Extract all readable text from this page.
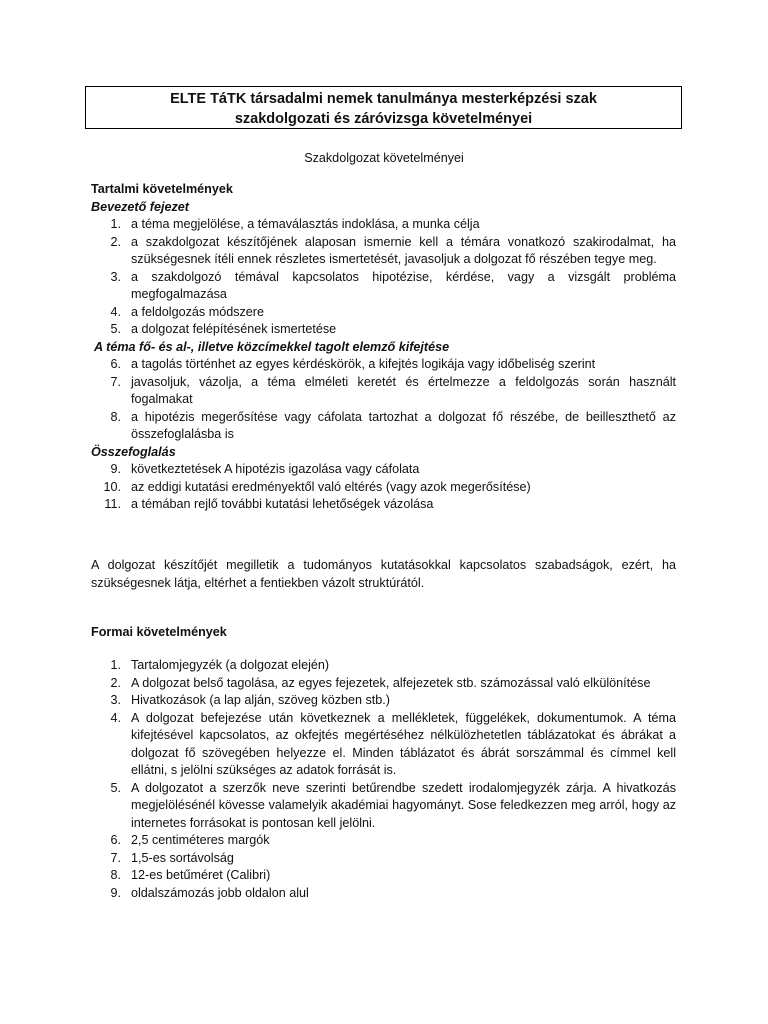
ELTE TáTK társadalmi nemek tanulmánya mesterképzési szak
szakdolgozati és záróvizsga követelményei
Szakdolgozat követelményei
Tartalmi követelmények
Bevezető fejezet
1. a téma megjelölése, a témaválasztás indoklása, a munka célja
2. a szakdolgozat készítőjének alaposan ismernie kell a témára vonatkozó szakirodalmat, ha szükségesnek ítéli ennek részletes ismertetését, javasoljuk a dolgozat fő részében tegye meg.
3. a szakdolgozó témával kapcsolatos hipotézise, kérdése, vagy a vizsgált probléma megfogalmazása
4. a feldolgozás módszere
5. a dolgozat felépítésének ismertetése
A téma fő- és al-, illetve közcímekkel tagolt elemző kifejtése
6. a tagolás történhet az egyes kérdéskörök, a kifejtés logikája vagy időbeliség szerint
7. javasoljuk, vázolja, a téma elméleti keretét és értelmezze a feldolgozás során használt fogalmakat
8. a hipotézis megerősítése vagy cáfolata tartozhat a dolgozat fő részébe, de beilleszthető az összefoglalásba is
Összefoglalás
9. következtetések A hipotézis igazolása vagy cáfolata
10. az eddigi kutatási eredményektől való eltérés (vagy azok megerősítése)
11. a témában rejlő további kutatási lehetőségek vázolása
A dolgozat készítőjét megilletik a tudományos kutatásokkal kapcsolatos szabadságok, ezért, ha szükségesnek látja, eltérhet a fentiekben vázolt struktúrától.
Formai követelmények
1. Tartalomjegyzék (a dolgozat elején)
2. A dolgozat belső tagolása, az egyes fejezetek, alfejezetek stb. számozással való elkülönítése
3. Hivatkozások (a lap alján, szöveg közben stb.)
4. A dolgozat befejezése után következnek a mellékletek, függelékek, dokumentumok. A téma kifejtésével kapcsolatos, az okfejtés megértéséhez nélkülözhetetlen táblázatokat és ábrákat a dolgozat fő szövegében helyezze el. Minden táblázatot és ábrát sorszámmal és címmel kell ellátni, s jelölni szükséges az adatok forrását is.
5. A dolgozatot a szerzők neve szerinti betűrendbe szedett irodalomjegyzék zárja. A hivatkozás megjelölésénél kövesse valamelyik akadémiai hagyományt. Sose feledkezzen meg arról, hogy az internetes forrásokat is pontosan kell jelölni.
6. 2,5 centiméteres margók
7. 1,5-es sortávolság
8. 12-es betűméret (Calibri)
9. oldalszámozás jobb oldalon alul
